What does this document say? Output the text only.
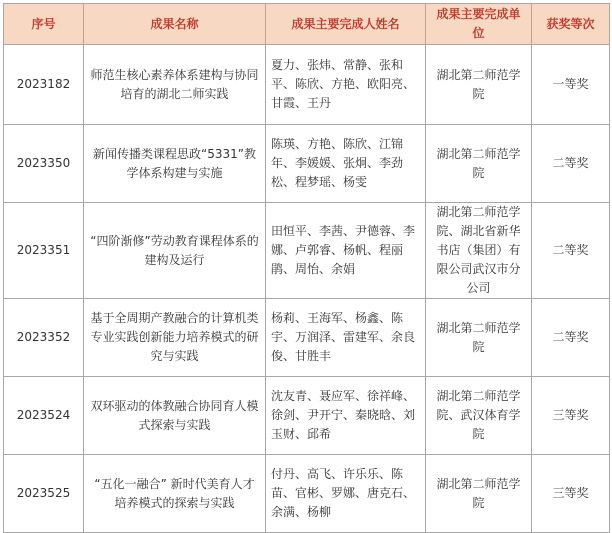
序号	成果名称	成果主要完成人姓名	成果主要完成单位	获奖等次
2023182	师范生核心素养体系建构与协同培育的湖北二师实践	夏力、张炜、常静、张和平、陈欣、方艳、欧阳亮、甘霞、王丹	湖北第二师范学院	一等奖
2023350	新闻传播类课程思政“5331”教学体系构建与实施	陈瑛、方艳、陈欣、江锦年、李媛媛、张炯、李劲松、程梦瑶、杨雯	湖北第二师范学院	二等奖
2023351	“四阶渐修”劳动教育课程体系的建构及运行	田恒平、李茜、尹德蓉、李娜、卢郭睿、杨帆、程丽鹃、周怡、余娟	湖北第二师范学院、湖北省新华书店（集团）有限公司武汉市分公司	二等奖
2023352	基于全周期产教融合的计算机类专业实践创新能力培养模式的研究与实践	杨莉、王海军、杨鑫、陈宇、万润泽、雷建军、余良俊、甘胜丰	湖北第二师范学院	二等奖
2023524	双环驱动的体教融合协同育人模式探索与实践	沈友青、聂应军、徐祥峰、徐剑、尹开宁、秦晓晗、刘玉财、邱希	湖北第二师范学院、武汉体育学院	三等奖
2023525	“五化一融合” 新时代美育人才培养模式的探索与实践	付丹、高飞、许乐乐、陈苗、官彬、罗娜、唐克石、余满、杨柳	湖北第二师范学院	三等奖
